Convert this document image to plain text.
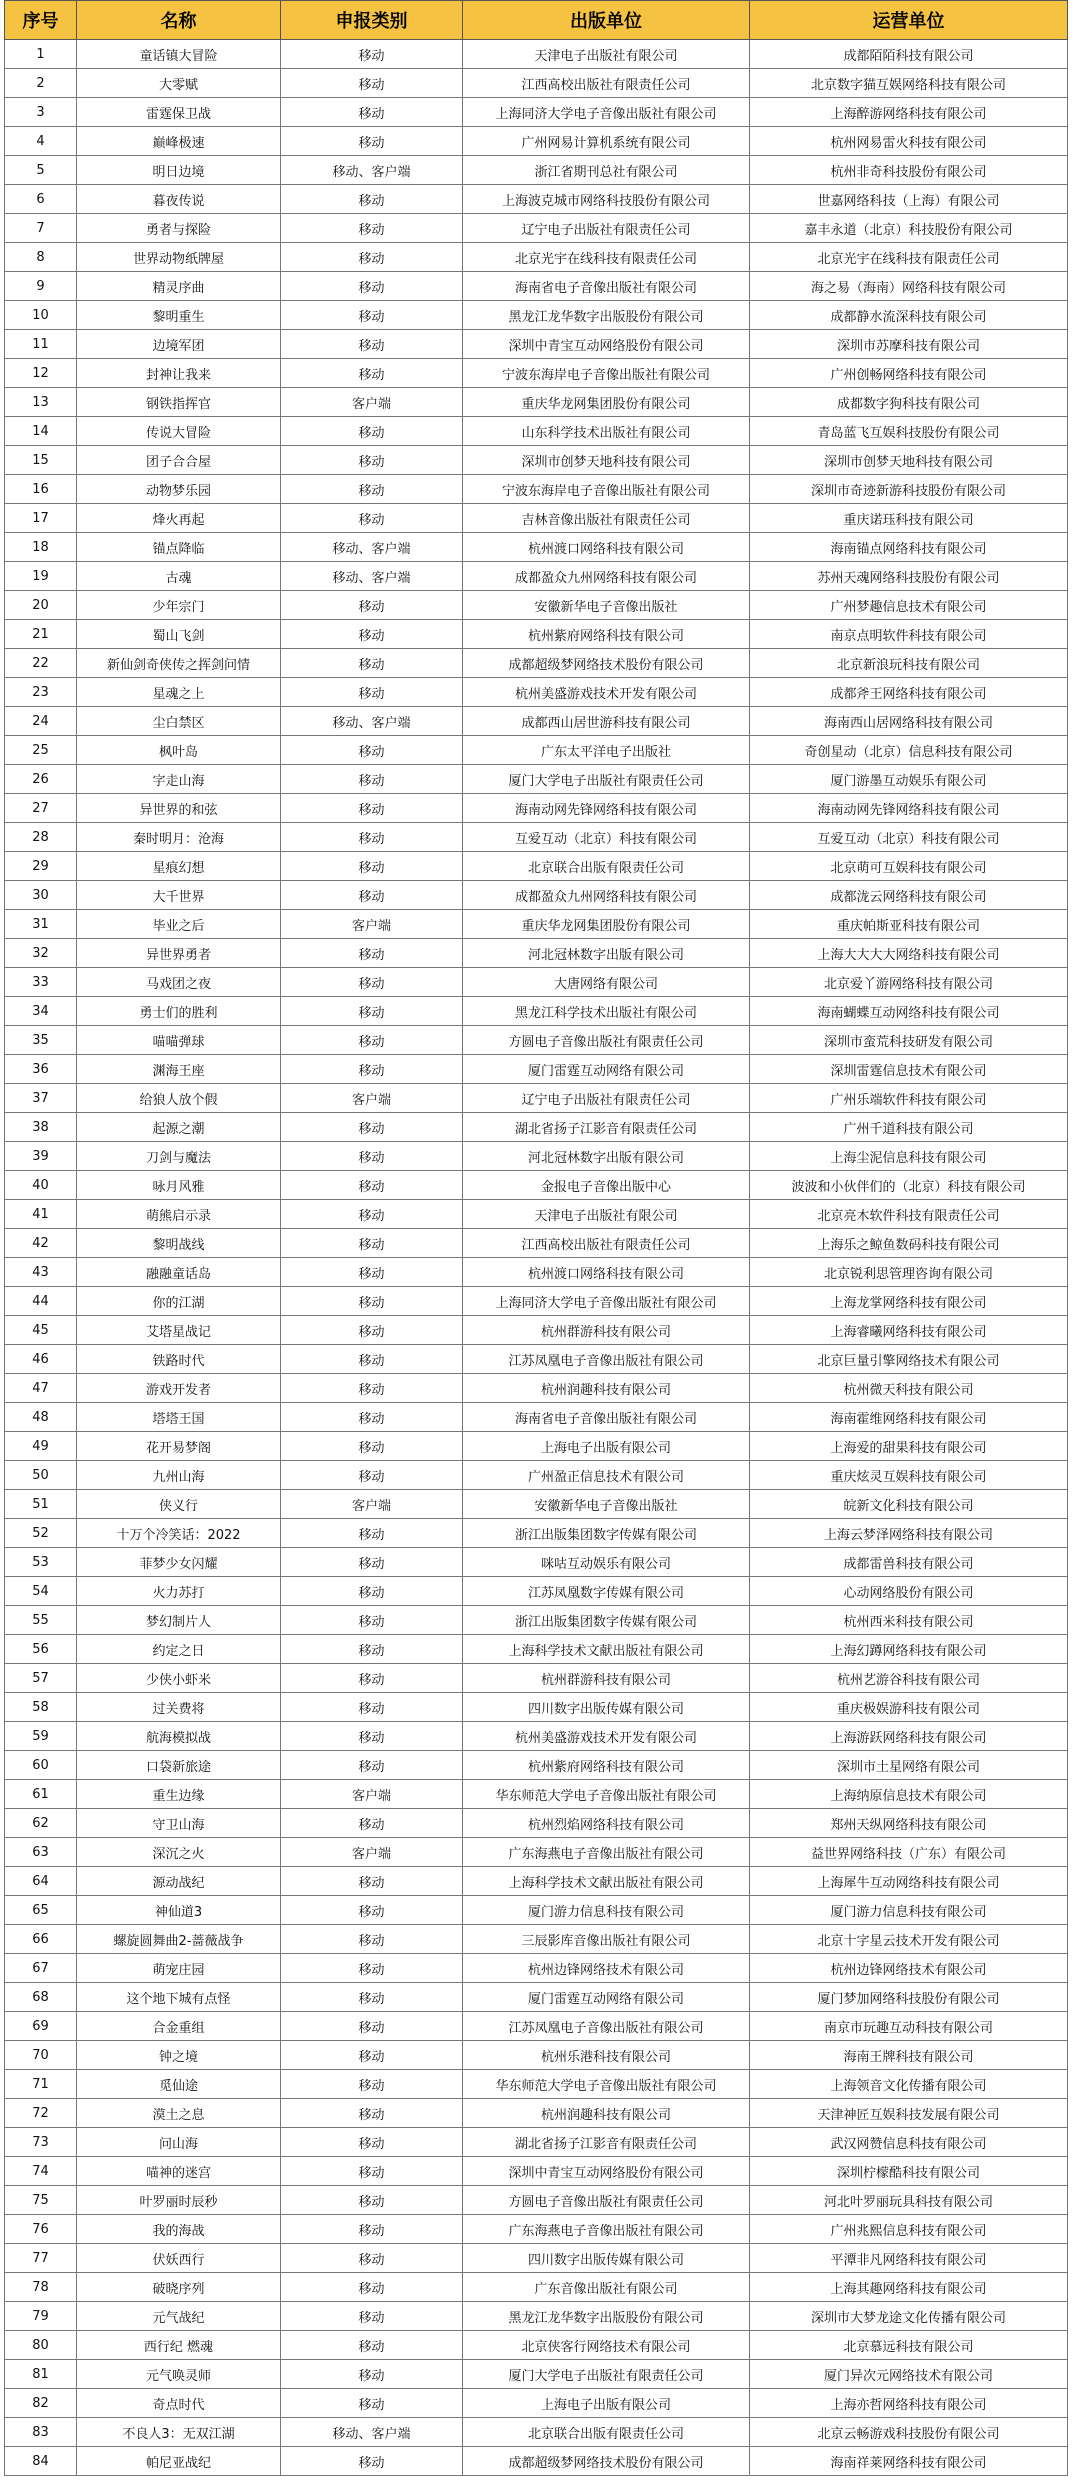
序号	名称	申报类别	出版单位	运营单位
1	童话镇大冒险	移动	天津电子出版社有限公司	成都陌陌科技有限公司
2	大零赋	移动	江西高校出版社有限责任公司	北京数字猫互娱网络科技有限公司
3	雷霆保卫战	移动	上海同济大学电子音像出版社有限公司	上海醉游网络科技有限公司
4	巅峰极速	移动	广州网易计算机系统有限公司	杭州网易雷火科技有限公司
5	明日边境	移动、客户端	浙江省期刊总社有限公司	杭州非奇科技股份有限公司
6	暮夜传说	移动	上海波克城市网络科技股份有限公司	世嘉网络科技（上海）有限公司
7	勇者与探险	移动	辽宁电子出版社有限责任公司	嘉丰永道（北京）科技股份有限公司
8	世界动物纸牌屋	移动	北京光宇在线科技有限责任公司	北京光宇在线科技有限责任公司
9	精灵序曲	移动	海南省电子音像出版社有限公司	海之易（海南）网络科技有限公司
10	黎明重生	移动	黑龙江龙华数字出版股份有限公司	成都静水流深科技有限公司
11	边境军团	移动	深圳中青宝互动网络股份有限公司	深圳市苏摩科技有限公司
12	封神让我来	移动	宁波东海岸电子音像出版社有限公司	广州创畅网络科技有限公司
13	钢铁指挥官	客户端	重庆华龙网集团股份有限公司	成都数字狗科技有限公司
14	传说大冒险	移动	山东科学技术出版社有限公司	青岛蓝飞互娱科技股份有限公司
15	团子合合屋	移动	深圳市创梦天地科技有限公司	深圳市创梦天地科技有限公司
16	动物梦乐园	移动	宁波东海岸电子音像出版社有限公司	深圳市奇迹新游科技股份有限公司
17	烽火再起	移动	吉林音像出版社有限责任公司	重庆诺珏科技有限公司
18	锚点降临	移动、客户端	杭州渡口网络科技有限公司	海南锚点网络科技有限公司
19	古魂	移动、客户端	成都盈众九州网络科技有限公司	苏州天魂网络科技股份有限公司
20	少年宗门	移动	安徽新华电子音像出版社	广州梦趣信息技术有限公司
21	蜀山飞剑	移动	杭州紫府网络科技有限公司	南京点明软件科技有限公司
22	新仙剑奇侠传之挥剑问情	移动	成都超级梦网络技术股份有限公司	北京新浪玩科技有限公司
23	星魂之上	移动	杭州美盛游戏技术开发有限公司	成都斧王网络科技有限公司
24	尘白禁区	移动、客户端	成都西山居世游科技有限公司	海南西山居网络科技有限公司
25	枫叶岛	移动	广东太平洋电子出版社	奇创星动（北京）信息科技有限公司
26	字走山海	移动	厦门大学电子出版社有限责任公司	厦门游墨互动娱乐有限公司
27	异世界的和弦	移动	海南动网先锋网络科技有限公司	海南动网先锋网络科技有限公司
28	秦时明月：沧海	移动	互爱互动（北京）科技有限公司	互爱互动（北京）科技有限公司
29	星痕幻想	移动	北京联合出版有限责任公司	北京萌可互娱科技有限公司
30	大千世界	移动	成都盈众九州网络科技有限公司	成都泷云网络科技有限公司
31	毕业之后	客户端	重庆华龙网集团股份有限公司	重庆帕斯亚科技有限公司
32	异世界勇者	移动	河北冠林数字出版有限公司	上海大大大大网络科技有限公司
33	马戏团之夜	移动	大唐网络有限公司	北京爱丫游网络科技有限公司
34	勇士们的胜利	移动	黑龙江科学技术出版社有限公司	海南蝴蝶互动网络科技有限公司
35	喵喵弹球	移动	方圆电子音像出版社有限责任公司	深圳市蛮荒科技研发有限公司
36	渊海王座	移动	厦门雷霆互动网络有限公司	深圳雷霆信息技术有限公司
37	给狼人放个假	客户端	辽宁电子出版社有限责任公司	广州乐端软件科技有限公司
38	起源之潮	移动	湖北省扬子江影音有限责任公司	广州千道科技有限公司
39	刀剑与魔法	移动	河北冠林数字出版有限公司	上海尘泥信息科技有限公司
40	咏月风雅	移动	金报电子音像出版中心	波波和小伙伴们的（北京）科技有限公司
41	萌熊启示录	移动	天津电子出版社有限公司	北京亮木软件科技有限责任公司
42	黎明战线	移动	江西高校出版社有限责任公司	上海乐之鲸鱼数码科技有限公司
43	融融童话岛	移动	杭州渡口网络科技有限公司	北京锐利思管理咨询有限公司
44	你的江湖	移动	上海同济大学电子音像出版社有限公司	上海龙掌网络科技有限公司
45	艾塔星战记	移动	杭州群游科技有限公司	上海睿曦网络科技有限公司
46	铁路时代	移动	江苏凤凰电子音像出版社有限公司	北京巨量引擎网络技术有限公司
47	游戏开发者	移动	杭州润趣科技有限公司	杭州微天科技有限公司
48	塔塔王国	移动	海南省电子音像出版社有限公司	海南霍维网络科技有限公司
49	花开易梦阁	移动	上海电子出版有限公司	上海爱的甜果科技有限公司
50	九州山海	移动	广州盈正信息技术有限公司	重庆炫灵互娱科技有限公司
51	侠义行	客户端	安徽新华电子音像出版社	皖新文化科技有限公司
52	十万个冷笑话：2022	移动	浙江出版集团数字传媒有限公司	上海云梦泽网络科技有限公司
53	菲梦少女闪耀	移动	咪咕互动娱乐有限公司	成都雷兽科技有限公司
54	火力苏打	移动	江苏凤凰数字传媒有限公司	心动网络股份有限公司
55	梦幻制片人	移动	浙江出版集团数字传媒有限公司	杭州西米科技有限公司
56	约定之日	移动	上海科学技术文献出版社有限公司	上海幻蹲网络科技有限公司
57	少侠小虾米	移动	杭州群游科技有限公司	杭州艺游谷科技有限公司
58	过关费将	移动	四川数字出版传媒有限公司	重庆极娱游科技有限公司
59	航海模拟战	移动	杭州美盛游戏技术开发有限公司	上海游跃网络科技有限公司
60	口袋新旅途	移动	杭州紫府网络科技有限公司	深圳市土星网络有限公司
61	重生边缘	客户端	华东师范大学电子音像出版社有限公司	上海纳原信息技术有限公司
62	守卫山海	移动	杭州烈焰网络科技有限公司	郑州天纵网络科技有限公司
63	深沉之火	客户端	广东海燕电子音像出版社有限公司	益世界网络科技（广东）有限公司
64	源动战纪	移动	上海科学技术文献出版社有限公司	上海犀牛互动网络科技有限公司
65	神仙道3	移动	厦门游力信息科技有限公司	厦门游力信息科技有限公司
66	螺旋圆舞曲2-蔷薇战争	移动	三辰影库音像出版社有限公司	北京十字星云技术开发有限公司
67	萌宠庄园	移动	杭州边锋网络技术有限公司	杭州边锋网络技术有限公司
68	这个地下城有点怪	移动	厦门雷霆互动网络有限公司	厦门梦加网络科技股份有限公司
69	合金重组	移动	江苏凤凰电子音像出版社有限公司	南京市玩趣互动科技有限公司
70	钟之境	移动	杭州乐港科技有限公司	海南王牌科技有限公司
71	觅仙途	移动	华东师范大学电子音像出版社有限公司	上海领音文化传播有限公司
72	漠土之息	移动	杭州润趣科技有限公司	天津神匠互娱科技发展有限公司
73	问山海	移动	湖北省扬子江影音有限责任公司	武汉网赞信息科技有限公司
74	喵神的迷宫	移动	深圳中青宝互动网络股份有限公司	深圳柠檬酷科技有限公司
75	叶罗丽时辰秒	移动	方圆电子音像出版社有限责任公司	河北叶罗丽玩具科技有限公司
76	我的海战	移动	广东海燕电子音像出版社有限公司	广州兆熙信息科技有限公司
77	伏妖西行	移动	四川数字出版传媒有限公司	平潭非凡网络科技有限公司
78	破晓序列	移动	广东音像出版社有限公司	上海其趣网络科技有限公司
79	元气战纪	移动	黑龙江龙华数字出版股份有限公司	深圳市大梦龙途文化传播有限公司
80	西行纪 燃魂	移动	北京侠客行网络技术有限公司	北京慕远科技有限公司
81	元气唤灵师	移动	厦门大学电子出版社有限责任公司	厦门异次元网络技术有限公司
82	奇点时代	移动	上海电子出版有限公司	上海亦哲网络科技有限公司
83	不良人3：无双江湖	移动、客户端	北京联合出版有限责任公司	北京云畅游戏科技股份有限公司
84	帕尼亚战纪	移动	成都超级梦网络技术股份有限公司	海南祥莱网络科技有限公司
